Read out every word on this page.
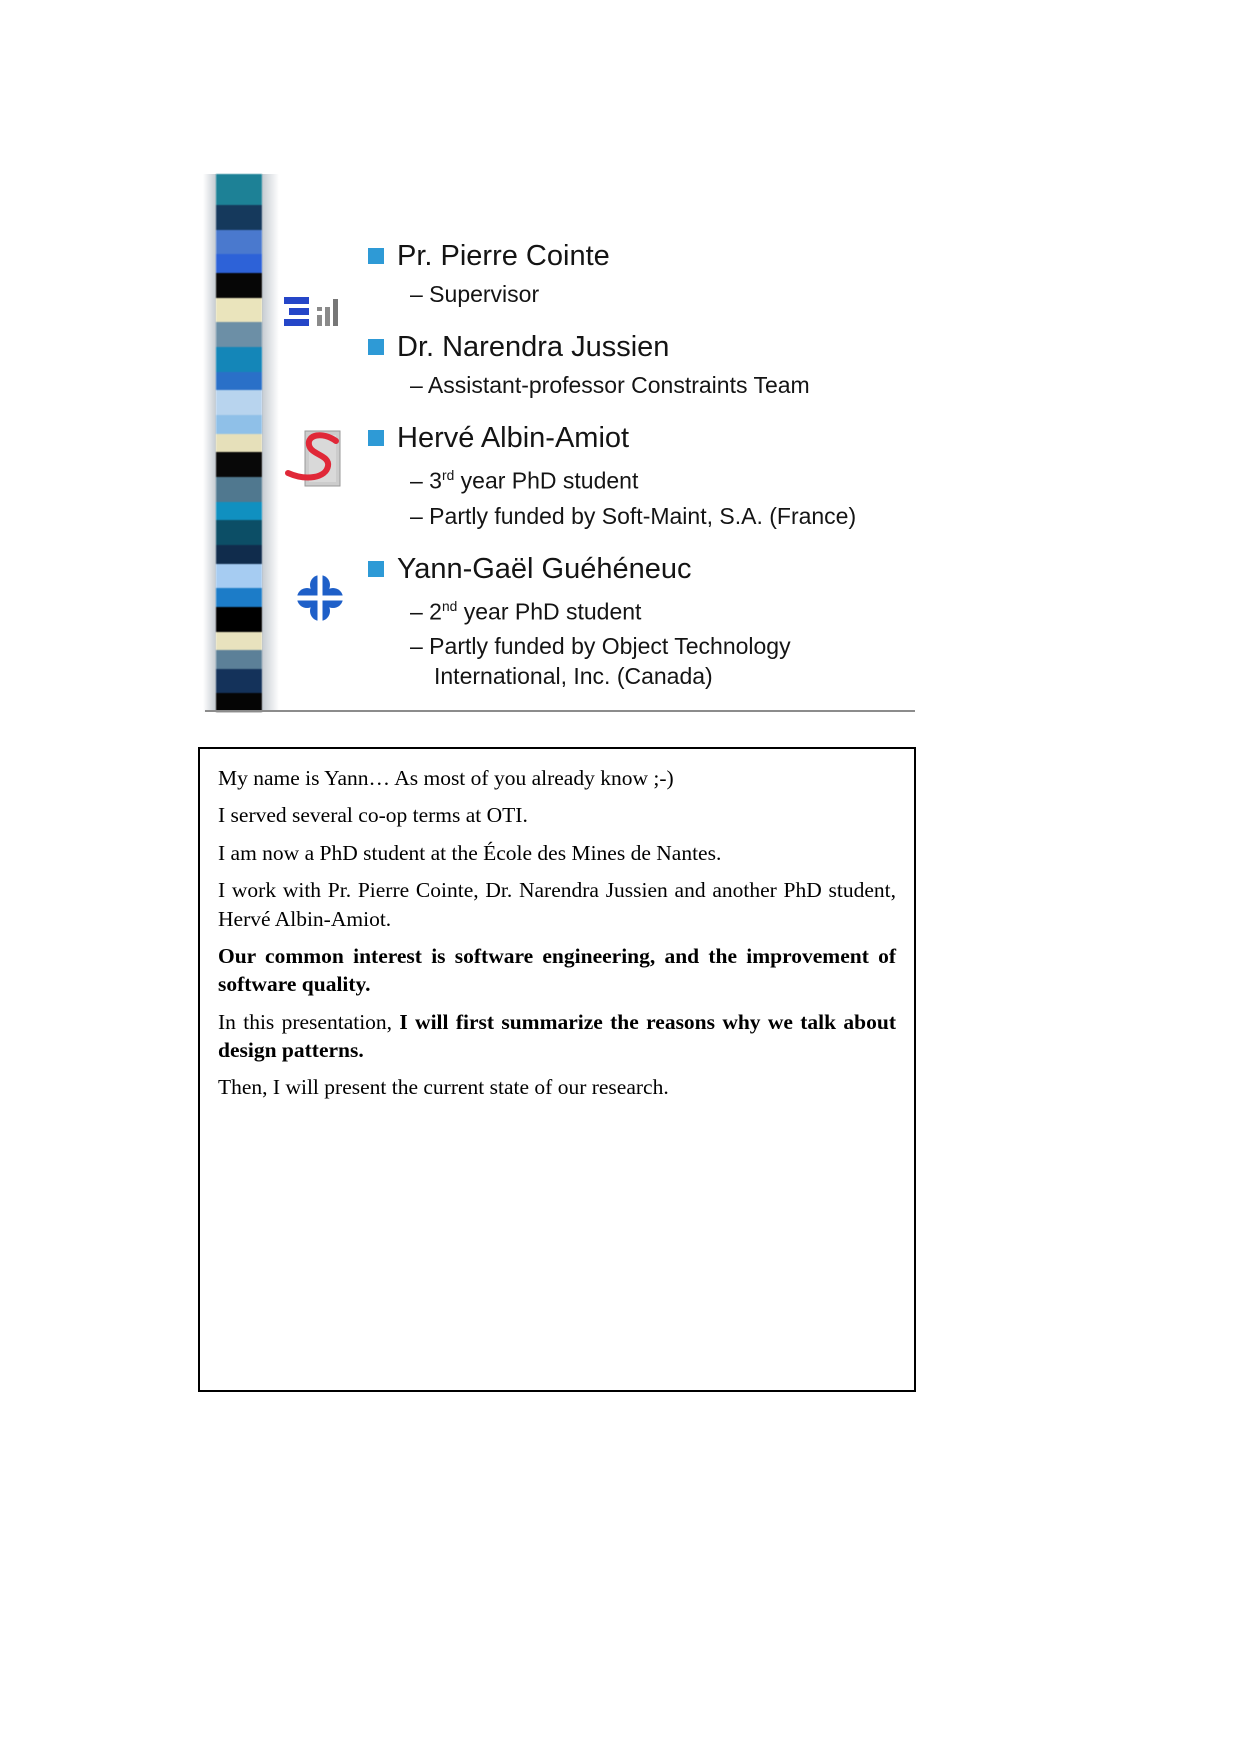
Pr. Pierre Cointe
– Supervisor
Dr. Narendra Jussien
– Assistant-professor Constraints Team
Hervé Albin-Amiot
– 3rd year PhD student
– Partly funded by Soft-Maint, S.A. (France)
Yann-Gaël Guéhéneuc
– 2nd year PhD student
– Partly funded by Object Technology International, Inc. (Canada)

My name is Yann… As most of you already know ;-)

I served several co-op terms at OTI.

I am now a PhD student at the École des Mines de Nantes.

I work with Pr. Pierre Cointe, Dr. Narendra Jussien and another PhD student, Hervé Albin-Amiot.

Our common interest is software engineering, and the improvement of software quality.

In this presentation, I will first summarize the reasons why we talk about design patterns.

Then, I will present the current state of our research.
